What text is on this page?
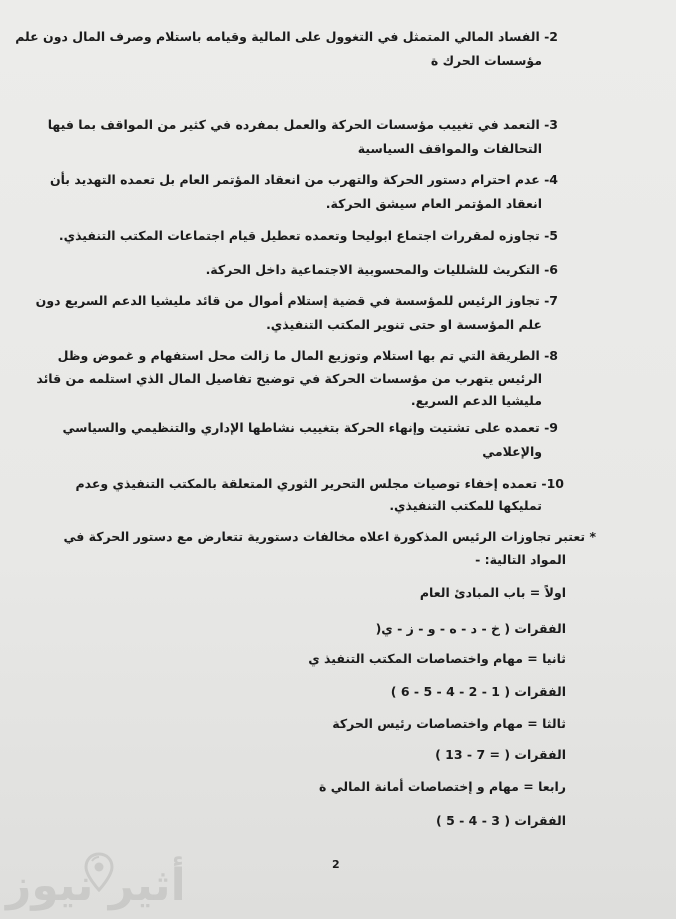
2- الفساد المالي المتمثل في التغوول على المالية وقيامه باستلام وصرف المال دون علم
مؤسسات الحرك ة
3- التعمد في تغييب مؤسسات الحركة والعمل بمفرده في كثير من المواقف بما فيها
التحالفات والمواقف السياسية
4- عدم احترام دستور الحركة والتهرب من انعقاد المؤتمر العام بل تعمده التهديد بأن
انعقاد المؤتمر العام سيشق الحركة.
5- تجاوزه لمقررات اجتماع ابوليحا وتعمده تعطيل قيام اجتماعات المكتب التنفيذي.
6- التكريث للشلليات والمحسوبية الاجتماعية داخل الحركة.
7- تجاوز الرئيس للمؤسسة في قضية إستلام أموال من قائد مليشيا الدعم السريع دون
علم المؤسسة او حتى تنوير المكتب التنفيذي.
8- الطريقة التي تم بها استلام وتوزيع المال ما زالت محل استفهام و غموض وظل
الرئيس يتهرب من مؤسسات الحركة في توضيح تفاصيل المال الذي استلمه من قائد
مليشيا الدعم السريع.
9- تعمده على تشتيت وإنهاء الحركة بتغييب نشاطها الإداري والتنظيمي والسياسي
والإعلامي
10- تعمده إخفاء توصيات مجلس التحرير الثوري المتعلقة بالمكتب التنفيذي وعدم
تمليكها للمكتب التنفيذي.
* تعتبر تجاوزات الرئيس المذكورة اعلاه مخالفات دستورية تتعارض مع دستور الحركة في
المواد التالية: -
اولاً = باب المبادئ العام
الفقرات ( خ - د - ه - و - ز - ي(
ثانيا = مهام واختصاصات المكتب التنفيذ ي
الفقرات ( 1 - 2 - 4 - 5 - 6 )
ثالثا = مهام واختصاصات رئيس الحركة
الفقرات ( = 7 - 13 )
رابعا = مهام و إختصاصات أمانة المالي ة
الفقرات ( 3 - 4 - 5 )
2
أثير نيوز
